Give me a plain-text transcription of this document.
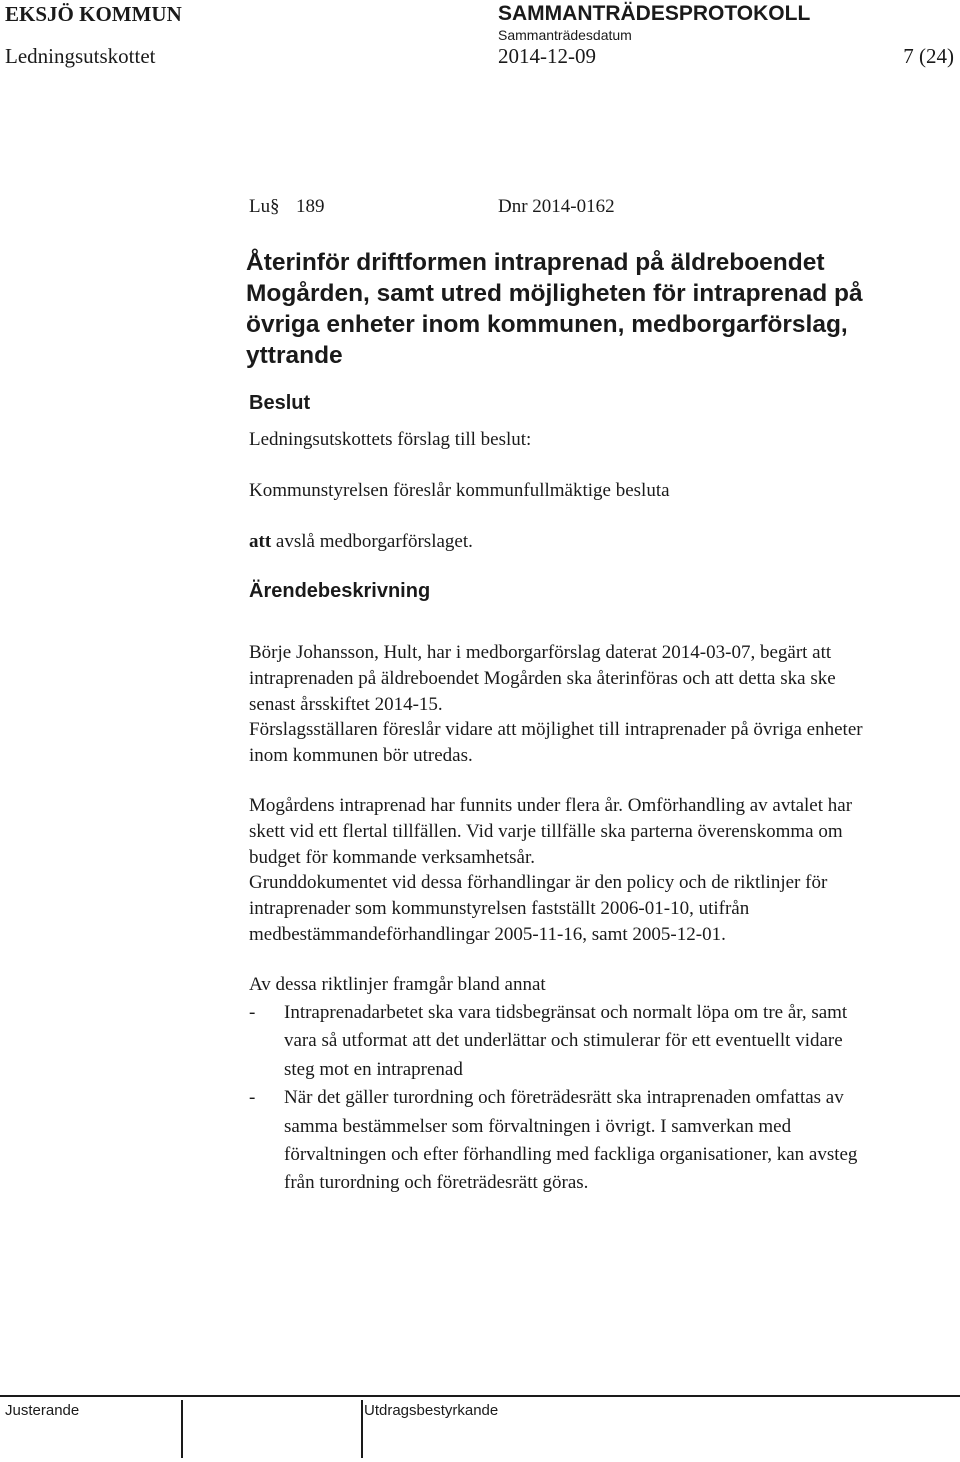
EKSJÖ KOMMUN	SAMMANTRÄDESPROTOKOLL
Sammanträdesdatum
Ledningsutskottet	2014-12-09	7 (24)
Lu § 189	Dnr 2014-0162
Återinför driftformen intraprenad på äldreboendet
Mogården, samt utred möjligheten för intraprenad på
övriga enheter inom kommunen, medborgarförslag,
yttrande
Beslut
Ledningsutskottets förslag till beslut:
Kommunstyrelsen föreslår kommunfullmäktige besluta
att avslå medborgarförslaget.
Ärendebeskrivning
Börje Johansson, Hult, har i medborgarförslag daterat 2014-03-07, begärt att
intraprenaden på äldreboendet Mogården ska återinföras och att detta ska ske
senast årsskiftet 2014-15.
Förslagsställaren föreslår vidare att möjlighet till intraprenader på övriga enheter
inom kommunen bör utredas.
Mogårdens intraprenad har funnits under flera år. Omförhandling av avtalet har
skett vid ett flertal tillfällen. Vid varje tillfälle ska parterna överenskomma om
budget för kommande verksamhetsår.
Grunddokumentet vid dessa förhandlingar är den policy och de riktlinjer för
intraprenader som kommunstyrelsen fastställt 2006-01-10, utifrån
medbestämmandeförhandlingar 2005-11-16, samt 2005-12-01.
Av dessa riktlinjer framgår bland annat
- Intraprenadarbetet ska vara tidsbegränsat och normalt löpa om tre år, samt
vara så utformat att det underlättar och stimulerar för ett eventuellt vidare
steg mot en intraprenad
- När det gäller turordning och företrädesrätt ska intraprenaden omfattas av
samma bestämmelser som förvaltningen i övrigt. I samverkan med
förvaltningen och efter förhandling med fackliga organisationer, kan avsteg
från turordning och företrädesrätt göras.
Justerande	Utdragsbestyrkande
